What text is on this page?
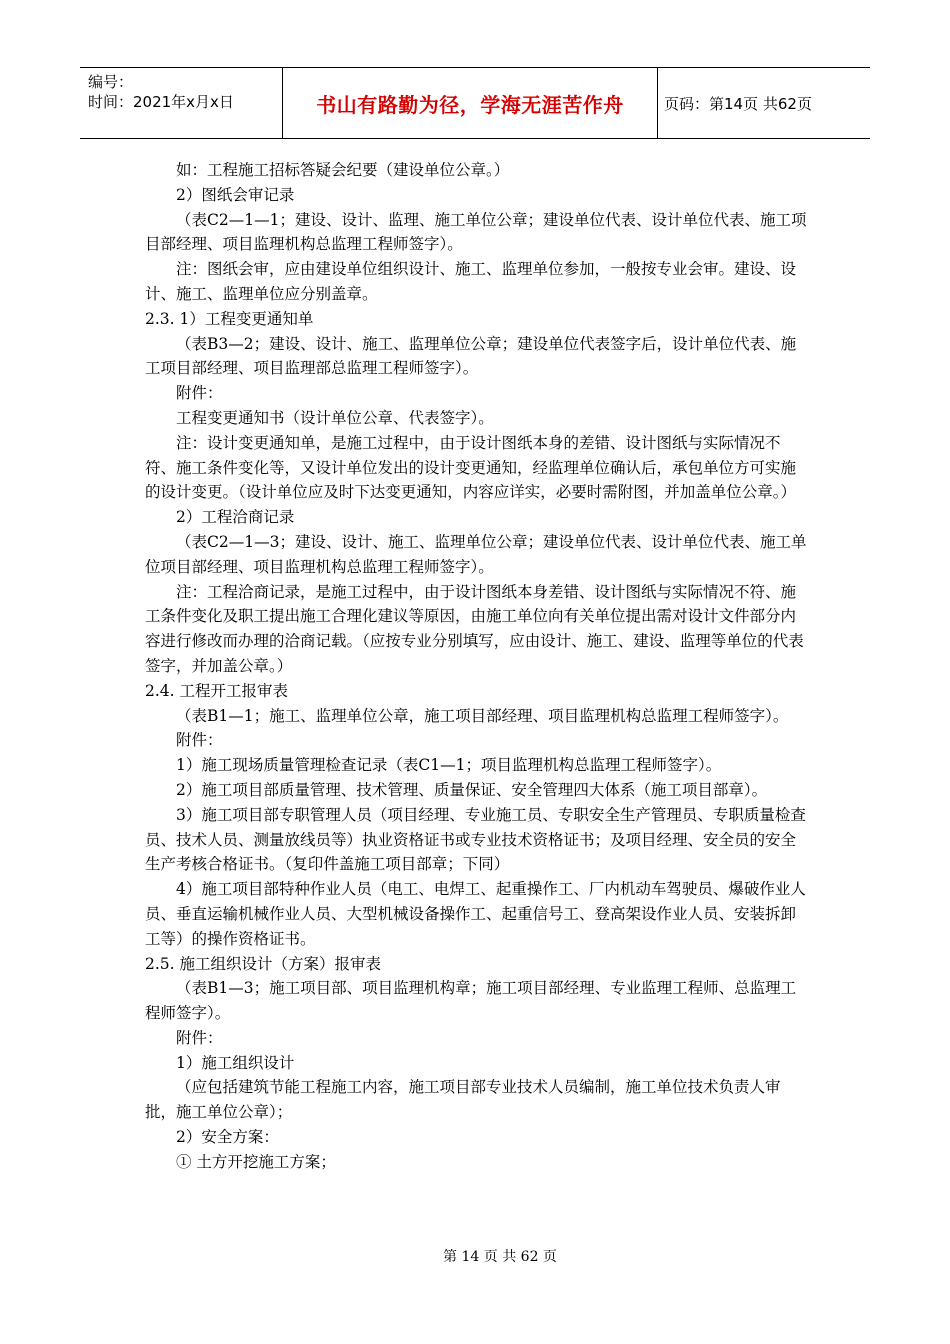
编号：
时间：2021年x月x日	书山有路勤为径，学海无涯苦作舟	页码：第14页 共62页

如：工程施工招标答疑会纪要（建设单位公章。）

2）图纸会审记录

（表C2—1—1；建设、设计、监理、施工单位公章；建设单位代表、设计单位代表、施工项目部经理、项目监理机构总监理工程师签字）。

注：图纸会审，应由建设单位组织设计、施工、监理单位参加，一般按专业会审。建设、设计、施工、监理单位应分别盖章。

2.3. 1）工程变更通知单

（表B3—2；建设、设计、施工、监理单位公章；建设单位代表签字后，设计单位代表、施工项目部经理、项目监理部总监理工程师签字）。

附件：

工程变更通知书（设计单位公章、代表签字）。

注：设计变更通知单，是施工过程中，由于设计图纸本身的差错、设计图纸与实际情况不符、施工条件变化等，又设计单位发出的设计变更通知，经监理单位确认后，承包单位方可实施的设计变更。（设计单位应及时下达变更通知，内容应详实，必要时需附图，并加盖单位公章。）

2）工程洽商记录

（表C2—1—3；建设、设计、施工、监理单位公章；建设单位代表、设计单位代表、施工单位项目部经理、项目监理机构总监理工程师签字）。

注：工程洽商记录，是施工过程中，由于设计图纸本身差错、设计图纸与实际情况不符、施工条件变化及职工提出施工合理化建议等原因，由施工单位向有关单位提出需对设计文件部分内容进行修改而办理的洽商记载。（应按专业分别填写，应由设计、施工、建设、监理等单位的代表签字，并加盖公章。）

2.4. 工程开工报审表

（表B1—1；施工、监理单位公章，施工项目部经理、项目监理机构总监理工程师签字）。

附件：

1）施工现场质量管理检查记录（表C1—1；项目监理机构总监理工程师签字）。

2）施工项目部质量管理、技术管理、质量保证、安全管理四大体系（施工项目部章）。

3）施工项目部专职管理人员（项目经理、专业施工员、专职安全生产管理员、专职质量检查员、技术人员、测量放线员等）执业资格证书或专业技术资格证书；及项目经理、安全员的安全生产考核合格证书。（复印件盖施工项目部章；下同）

4）施工项目部特种作业人员（电工、电焊工、起重操作工、厂内机动车驾驶员、爆破作业人员、垂直运输机械作业人员、大型机械设备操作工、起重信号工、登高架设作业人员、安装拆卸工等）的操作资格证书。

2.5. 施工组织设计（方案）报审表

（表B1—3；施工项目部、项目监理机构章；施工项目部经理、专业监理工程师、总监理工程师签字）。

附件：

1）施工组织设计

（应包括建筑节能工程施工内容，施工项目部专业技术人员编制，施工单位技术负责人审批，施工单位公章）；

2）安全方案：

① 土方开挖施工方案；

第 14 页 共 62 页
